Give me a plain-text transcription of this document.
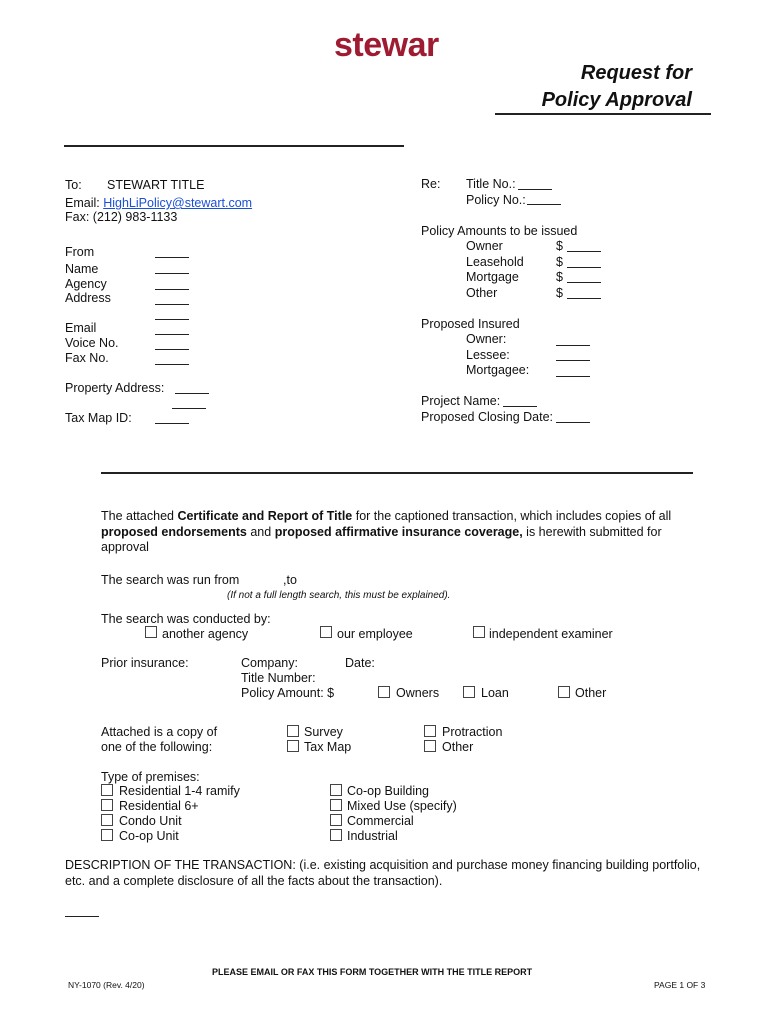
stewar
Request for
Policy Approval
To: STEWART TITLE
Email: HighLiPolicy@stewart.com
Fax: (212) 983-1133
From
Name
Agency
Address
Email
Voice No.
Fax No.
Property Address:
Tax Map ID:
Re: Title No.:
Policy No.:
Policy Amounts to be issued
Owner	$
Leasehold	$
Mortgage	$
Other	$
Proposed Insured
Owner:
Lessee:
Mortgagee:
Project Name:
Proposed Closing Date:
The attached Certificate and Report of Title for the captioned transaction, which includes copies of all proposed endorsements and proposed affirmative insurance coverage, is herewith submitted for approval
The search was run from	,to
(If not a full length search, this must be explained).
The search was conducted by:
another agency	our employee	independent examiner
Prior insurance:	Company:	Date:
Title Number:
Policy Amount: $	Owners	Loan	Other
Attached is a copy of
one of the following:
Survey
Tax Map
Protraction
Other
Type of premises:
Residential 1-4 ramify
Residential 6+
Condo Unit
Co-op Unit
Co-op Building
Mixed Use (specify)
Commercial
Industrial
DESCRIPTION OF THE TRANSACTION: (i.e. existing acquisition and purchase money financing building portfolio, etc. and a complete disclosure of all the facts about the transaction).
PLEASE EMAIL OR FAX THIS FORM TOGETHER WITH THE TITLE REPORT
NY-1070 (Rev. 4/20)	PAGE 1 OF 3
